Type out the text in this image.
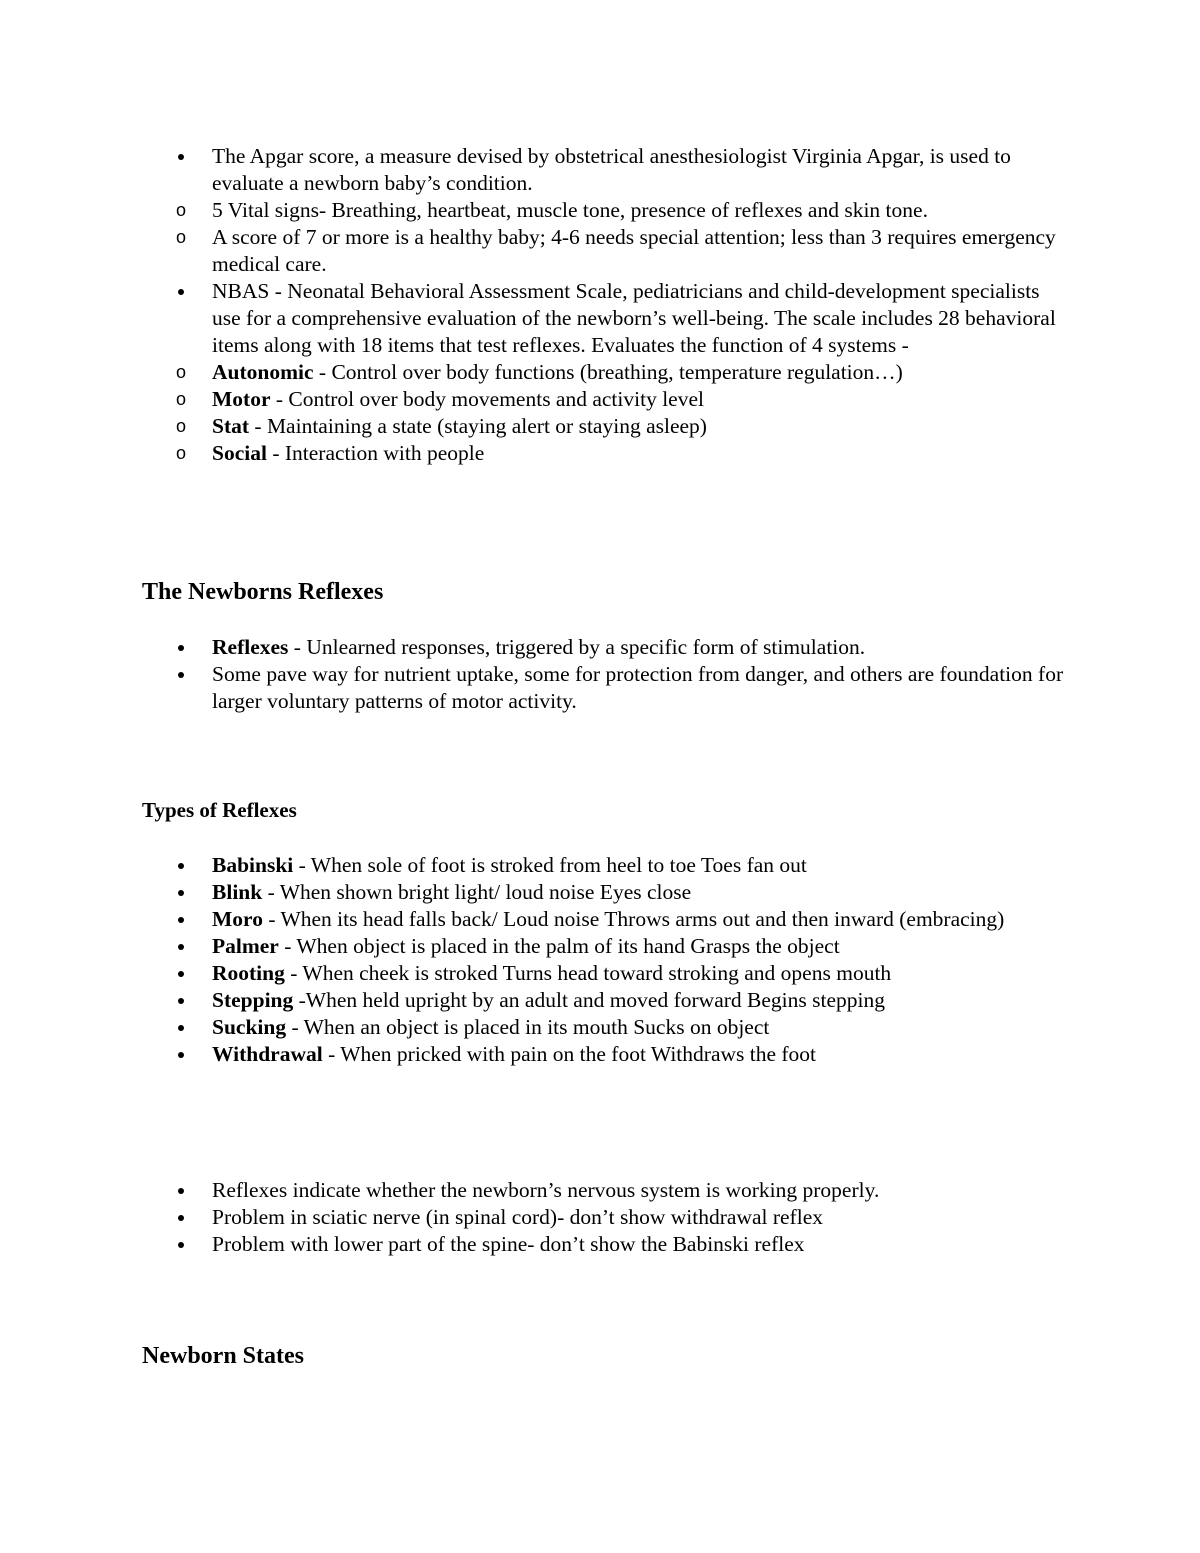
The Apgar score, a measure devised by obstetrical anesthesiologist Virginia Apgar, is used to evaluate a newborn baby’s condition.
o 5 Vital signs- Breathing, heartbeat, muscle tone, presence of reflexes and skin tone.
o A score of 7 or more is a healthy baby; 4-6 needs special attention; less than 3 requires emergency medical care.
NBAS - Neonatal Behavioral Assessment Scale, pediatricians and child-development specialists use for a comprehensive evaluation of the newborn’s well-being. The scale includes 28 behavioral items along with 18 items that test reflexes. Evaluates the function of 4 systems -
o Autonomic - Control over body functions (breathing, temperature regulation…)
o Motor - Control over body movements and activity level
o Stat - Maintaining a state (staying alert or staying asleep)
o Social - Interaction with people
The Newborns Reflexes
Reflexes - Unlearned responses, triggered by a specific form of stimulation.
Some pave way for nutrient uptake, some for protection from danger, and others are foundation for larger voluntary patterns of motor activity.
Types of Reflexes
Babinski - When sole of foot is stroked from heel to toe Toes fan out
Blink - When shown bright light/ loud noise Eyes close
Moro - When its head falls back/ Loud noise Throws arms out and then inward (embracing)
Palmer - When object is placed in the palm of its hand Grasps the object
Rooting - When cheek is stroked Turns head toward stroking and opens mouth
Stepping -When held upright by an adult and moved forward Begins stepping
Sucking - When an object is placed in its mouth Sucks on object
Withdrawal - When pricked with pain on the foot Withdraws the foot
Reflexes indicate whether the newborn’s nervous system is working properly.
Problem in sciatic nerve (in spinal cord)- don’t show withdrawal reflex
Problem with lower part of the spine- don’t show the Babinski reflex
Newborn States
